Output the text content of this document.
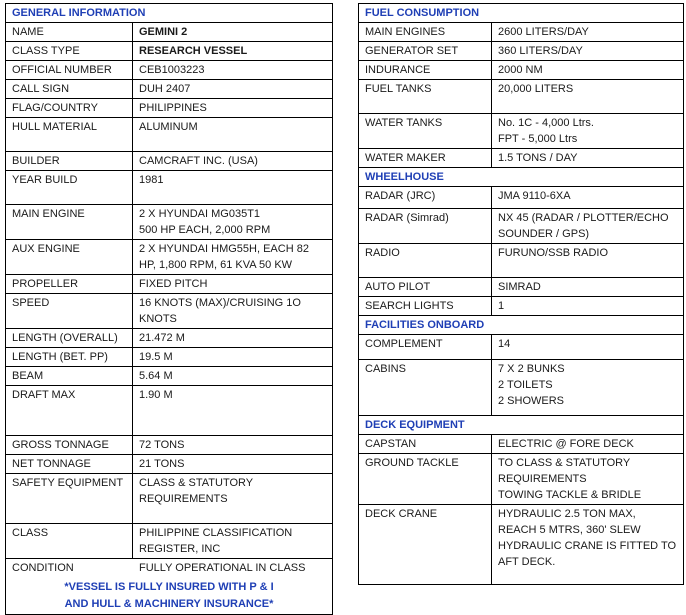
GENERAL INFORMATION	
NAME	GEMINI 2
CLASS TYPE	RESEARCH VESSEL
OFFICIAL NUMBER	CEB1003223
CALL SIGN	DUH 2407
FLAG/COUNTRY	PHILIPPINES
HULL MATERIAL	ALUMINUM
BUILDER	CAMCRAFT INC. (USA)
YEAR BUILD	1981
MAIN ENGINE	2 X HYUNDAI MG035T1
500 HP EACH, 2,000 RPM

AUX ENGINE	2 X HYUNDAI HMG55H, EACH 82
HP, 1,800 RPM, 61 KVA 50 KW

PROPELLER	FIXED PITCH
SPEED	16 KNOTS (MAX)/CRUISING 1O KNOTS
LENGTH (OVERALL)	21.472 M
LENGTH (BET. PP)	19.5 M
BEAM	5.64 M
DRAFT MAX	1.90 M
GROSS TONNAGE	72 TONS
NET TONNAGE	21 TONS
SAFETY EQUIPMENT	CLASS & STATUTORY
REQUIREMENTS

CLASS	PHILIPPINE CLASSIFICATION
REGISTER, INC

CONDITION FULLY OPERATIONAL IN CLASS
*VESSEL IS FULLY INSURED WITH P & I
AND HULL & MACHINERY INSURANCE*	
FUEL CONSUMPTION	
MAIN ENGINES	2600 LITERS/DAY
GENERATOR SET	360 LITERS/DAY
INDURANCE	2000 NM
FUEL TANKS	20,000 LITERS
WATER TANKS	No. 1C - 4,000 Ltrs.
FPT - 5,000 Ltrs

WATER MAKER	1.5 TONS / DAY
WHEELHOUSE	
RADAR (JRC)	JMA 9110-6XA
RADAR (Simrad)	NX 45 (RADAR / PLOTTER/ECHO
SOUNDER / GPS)

RADIO	FURUNO/SSB RADIO
AUTO PILOT	SIMRAD
SEARCH LIGHTS	1
FACILITIES ONBOARD	
COMPLEMENT	14
CABINS	7 X 2 BUNKS
2 TOILETS
2 SHOWERS

DECK EQUIPMENT	
CAPSTAN	ELECTRIC @ FORE DECK
GROUND TACKLE	TO CLASS & STATUTORY
REQUIREMENTS
TOWING TACKLE & BRIDLE

DECK CRANE	HYDRAULIC 2.5 TON MAX,
REACH 5 MTRS, 360' SLEW
HYDRAULIC CRANE IS FITTED TO
AFT DECK.
